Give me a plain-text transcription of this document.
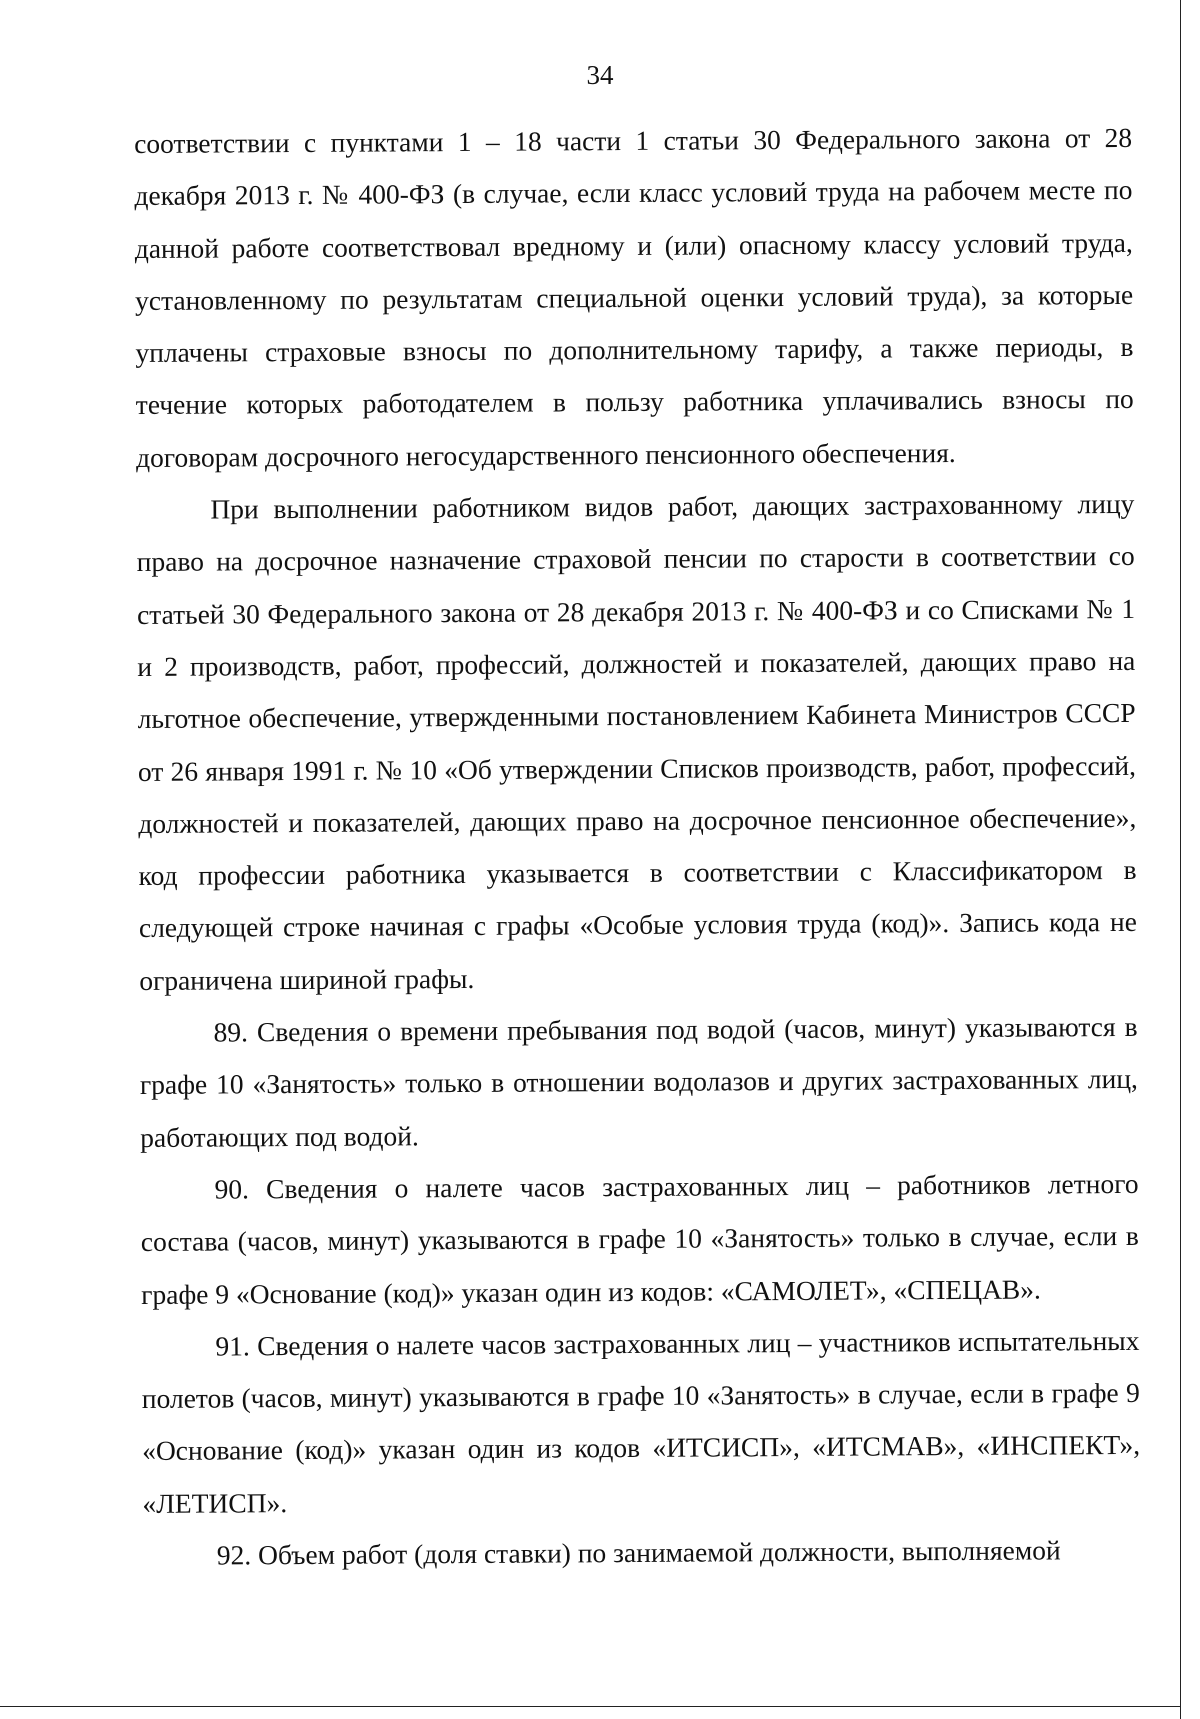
34

соответствии с пунктами 1 – 18 части 1 статьи 30 Федерального закона от 28 декабря 2013 г. № 400-ФЗ (в случае, если класс условий труда на рабочем месте по данной работе соответствовал вредному и (или) опасному классу условий труда, установленному по результатам специальной оценки условий труда), за которые уплачены страховые взносы по дополнительному тарифу, а также периоды, в течение которых работодателем в пользу работника уплачивались взносы по договорам досрочного негосударственного пенсионного обеспечения.

При выполнении работником видов работ, дающих застрахованному лицу право на досрочное назначение страховой пенсии по старости в соответствии со статьей 30 Федерального закона от 28 декабря 2013 г. № 400-ФЗ и со Списками № 1 и 2 производств, работ, профессий, должностей и показателей, дающих право на льготное обеспечение, утвержденными постановлением Кабинета Министров СССР от 26 января 1991 г. № 10 «Об утверждении Списков производств, работ, профессий, должностей и показателей, дающих право на досрочное пенсионное обеспечение», код профессии работника указывается в соответствии с Классификатором в следующей строке начиная с графы «Особые условия труда (код)». Запись кода не ограничена шириной графы.

89. Сведения о времени пребывания под водой (часов, минут) указываются в графе 10 «Занятость» только в отношении водолазов и других застрахованных лиц, работающих под водой.

90. Сведения о налете часов застрахованных лиц – работников летного состава (часов, минут) указываются в графе 10 «Занятость» только в случае, если в графе 9 «Основание (код)» указан один из кодов: «САМОЛЕТ», «СПЕЦАВ».

91. Сведения о налете часов застрахованных лиц – участников испытательных полетов (часов, минут) указываются в графе 10 «Занятость» в случае, если в графе 9 «Основание (код)» указан один из кодов «ИТСИСП», «ИТСМАВ», «ИНСПЕКТ», «ЛЕТИСП».

92. Объем работ (доля ставки) по занимаемой должности, выполняемой
